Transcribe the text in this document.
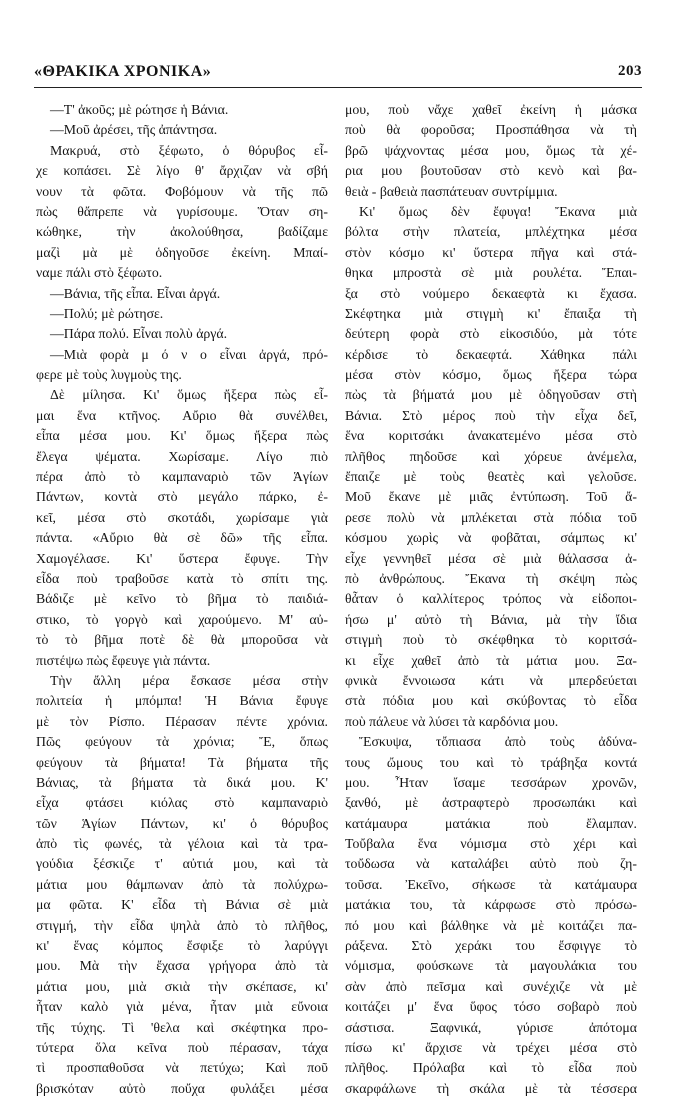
«ΘΡΑΚΙΚΑ ΧΡΟΝΙΚΑ»	203
—Τ' ἀκοῦς; μὲ ρώτησε ἡ Βάνια.
—Μοῦ ἀρέσει, τῆς ἀπάντησα.
Μακρυά, στὸ ξέφωτο, ὁ θόρυβος εἶ-
χε κοπάσει. Σὲ λίγο θ' ἄρχιζαν νὰ σβή
νουν τὰ φῶτα. Φοβόμουν νὰ τῆς πῶ
πὼς θἄπρεπε νὰ γυρίσουμε. Ὅταν ση-
κώθηκε, τὴν ἀκολούθησα, βαδίζαμε
μαζὶ μὰ μὲ ὁδηγοῦσε ἐκείνη. Μπαί-
ναμε πάλι στὸ ξέφωτο.
—Βάνια, τῆς εἶπα. Εἶναι ἀργά.
—Πολύ; μὲ ρώτησε.
—Πάρα πολύ. Εἶναι πολὺ ἀργά.
—Μιὰ φορὰ μ ό ν ο εἶναι ἀργά, πρό-
φερε μὲ τοὺς λυγμοὺς της.
Δὲ μίλησα. Κι' ὅμως ἤξερα πὼς εἶ-
μαι ἕνα κτῆνος. Αὔριο θὰ συνέλθει,
εἶπα μέσα μου. Κι' ὅμως ἤξερα πὼς
ἔλεγα ψέματα. Χωρίσαμε. Λίγο πιὸ
πέρα ἀπὸ τὸ καμπαναριὸ τῶν Ἁγίων
Πάντων, κοντὰ στὸ μεγάλο πάρκο, ἐ-
κεῖ, μέσα στὸ σκοτάδι, χωρίσαμε γιὰ
πάντα. «Αὔριο θὰ σὲ δῶ» τῆς εἶπα.
Χαμογέλασε. Κι' ὕστερα ἔφυγε. Τὴν
εἶδα ποὺ τραβοῦσε κατὰ τὸ σπίτι της.
Βάδιζε μὲ κεῖνο τὸ βῆμα τὸ παιδιά-
στικο, τὸ γοργὸ καὶ χαρούμενο. Μ' αὐ-
τὸ τὸ βῆμα ποτὲ δὲ θὰ μποροῦσα νὰ
πιστέψω πὼς ἔφευγε γιὰ πάντα.
Τὴν ἄλλη μέρα ἔσκασε μέσα στὴν
πολιτεία ἡ μπόμπα! Ἡ Βάνια ἔφυγε
μὲ τὸν Ρίσπο. Πέρασαν πέντε χρόνια.
Πῶς φεύγουν τὰ χρόνια; Ἔ, ὅπως
φεύγουν τὰ βήματα! Τὰ βήματα τῆς
Βάνιας, τὰ βήματα τὰ δικά μου. Κ'
εἶχα φτάσει κιόλας στὸ καμπαναριὸ
τῶν Ἁγίων Πάντων, κι' ὁ θόρυβος
ἀπὸ τὶς φωνές, τὰ γέλοια καὶ τὰ τρα-
γούδια ξέσκιζε τ' αὐτιά μου, καὶ τὰ
μάτια μου θάμπωναν ἀπὸ τὰ πολύχρω-
μα φῶτα. Κ' εἶδα τὴ Βάνια σὲ μιὰ
στιγμή, τὴν εἶδα ψηλὰ ἀπὸ τὸ πλῆθος,
κι' ἕνας κόμπος ἔσφιξε τὸ λαρύγγι
μου. Μὰ τὴν ἔχασα γρήγορα ἀπὸ τὰ
μάτια μου, μιὰ σκιὰ τὴν σκέπασε, κι'
ἦταν καλὸ γιὰ μένα, ἦταν μιὰ εὔνοια
τῆς τύχης. Τὶ 'θελα καὶ σκέφτηκα προ-
τύτερα ὅλα κεῖνα ποὺ πέρασαν, τάχα
τὶ προσπαθοῦσα νὰ πετύχω; Καὶ ποῦ
βρισκόταν αὐτὸ ποὔχα φυλάξει μέσα
μου, ποὺ νἄχε χαθεῖ ἐκείνη ἡ μάσκα
ποὺ θὰ φοροῦσα; Προσπάθησα νὰ τὴ
βρῶ ψάχνοντας μέσα μου, ὅμως τὰ χέ-
ρια μου βουτοῦσαν στὸ κενὸ καὶ βα-
θειὰ - βαθειὰ πασπάτευαν συντρίμμια.
Κι' ὅμως δὲν ἔφυγα! Ἔκανα μιὰ
βόλτα στὴν πλατεία, μπλέχτηκα μέσα
στὸν κόσμο κι' ὕστερα πῆγα καὶ στά-
θηκα μπροστὰ σὲ μιὰ ρουλέτα. Ἔπαι-
ξα στὸ νούμερο δεκαεφτὰ κι ἔχασα.
Σκέφτηκα μιὰ στιγμὴ κι' ἔπαιξα τὴ
δεύτερη φορὰ στὸ εἰκοσιδύο, μὰ τότε
κέρδισε τὸ δεκαεφτά. Χάθηκα πάλι
μέσα στὸν κόσμο, ὅμως ἤξερα τώρα
πὼς τὰ βήματά μου μὲ ὁδηγοῦσαν στὴ
Βάνια. Στὸ μέρος ποὺ τὴν εἶχα δεῖ,
ἕνα κοριτσάκι ἀνακατεμένο μέσα στὸ
πλῆθος πηδοῦσε καὶ χόρευε ἀνέμελα,
ἔπαιζε μὲ τοὺς θεατὲς καὶ γελοῦσε.
Μοῦ ἔκανε μὲ μιᾶς ἐντύπωση. Τοῦ ἄ-
ρεσε πολὺ νὰ μπλέκεται στὰ πόδια τοῦ
κόσμου χωρὶς νὰ φοβᾶται, σάμπως κι'
εἶχε γεννηθεῖ μέσα σὲ μιὰ θάλασσα ἀ-
πὸ ἀνθρώπους. Ἔκανα τὴ σκέψη πὼς
θἆταν ὁ καλλίτερος τρόπος νὰ εἰδοποι-
ήσω μ' αὐτὸ τὴ Βάνια, μὰ τὴν ἴδια
στιγμὴ ποὺ τὸ σκέφθηκα τὸ κοριτσά-
κι εἶχε χαθεῖ ἀπὸ τὰ μάτια μου. Ξα-
φνικὰ ἔννοιωσα κάτι νὰ μπερδεύεται
στὰ πόδια μου καὶ σκύβοντας τὸ εἶδα
ποὺ πάλευε νὰ λύσει τὰ καρδόνια μου.
Ἔσκυψα, τὄπιασα ἀπὸ τοὺς ἀδύνα-
τους ὤμους του καὶ τὸ τράβηξα κοντά
μου. Ἦταν ἴσαμε τεσσάρων χρονῶν,
ξανθό, μὲ ἀστραφτερὸ προσωπάκι καὶ
κατάμαυρα ματάκια ποὺ ἔλαμπαν.
Τοὔβαλα ἕνα νόμισμα στὸ χέρι καὶ
τοὔδωσα νὰ καταλάβει αὐτὸ ποὺ ζη-
τοῦσα. Ἐκεῖνο, σήκωσε τὰ κατάμαυρα
ματάκια του, τὰ κάρφωσε στὸ πρόσω-
πό μου καὶ βάλθηκε νὰ μὲ κοιτάζει πα-
ράξενα. Στὸ χεράκι του ἔσφιγγε τὸ
νόμισμα, φούσκωνε τὰ μαγουλάκια του
σὰν ἀπὸ πεῖσμα καὶ συνέχιζε νὰ μὲ
κοιτάζει μ' ἕνα ὕφος τόσο σοβαρὸ ποὺ
σάστισα. Ξαφνικά, γύρισε ἀπότομα
πίσω κι' ἄρχισε νὰ τρέχει μέσα στὸ
πλῆθος. Πρόλαβα καὶ τὸ εἶδα ποὺ
σκαρφάλωνε τὴ σκάλα μὲ τὰ τέσσερα
